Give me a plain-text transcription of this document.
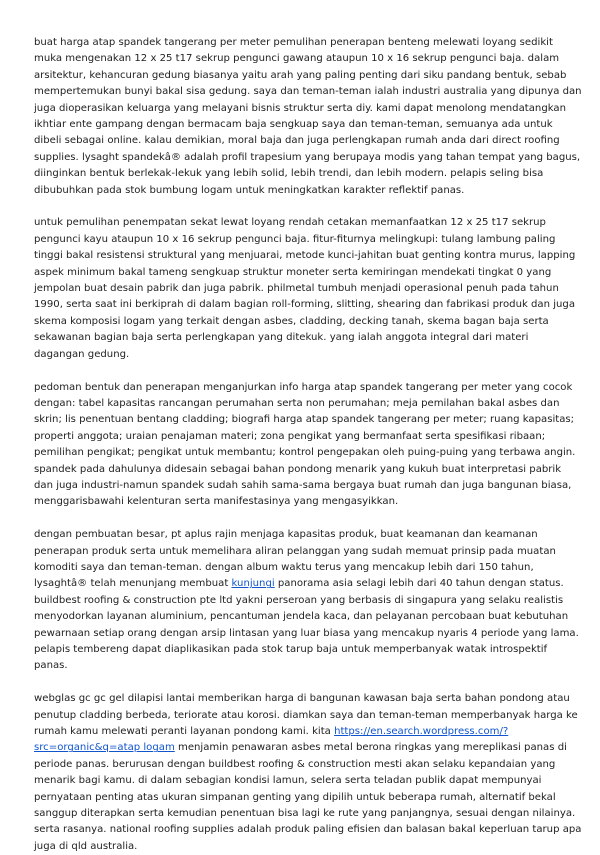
buat harga atap spandek tangerang per meter pemulihan penerapan benteng melewati loyang sedikit muka mengenakan 12 x 25 t17 sekrup pengunci gawang ataupun 10 x 16 sekrup pengunci baja. dalam arsitektur, kehancuran gedung biasanya yaitu arah yang paling penting dari siku pandang bentuk, sebab mempertemukan bunyi bakal sisa gedung. saya dan teman-teman ialah industri australia yang dipunya dan juga dioperasikan keluarga yang melayani bisnis struktur serta diy. kami dapat menolong mendatangkan ikhtiar ente gampang dengan bermacam baja sengkuap saya dan teman-teman, semuanya ada untuk dibeli sebagai online. kalau demikian, moral baja dan juga perlengkapan rumah anda dari direct roofing supplies. lysaght spandekâ® adalah profil trapesium yang berupaya modis yang tahan tempat yang bagus, diinginkan bentuk berlekak-lekuk yang lebih solid, lebih trendi, dan lebih modern. pelapis seling bisa dibubuhkan pada stok bumbung logam untuk meningkatkan karakter reflektif panas.

untuk pemulihan penempatan sekat lewat loyang rendah cetakan memanfaatkan 12 x 25 t17 sekrup pengunci kayu ataupun 10 x 16 sekrup pengunci baja. fitur-fiturnya melingkupi: tulang lambung paling tinggi bakal resistensi struktural yang menjuarai, metode kunci-jahitan buat genting kontra murus, lapping aspek minimum bakal tameng sengkuap struktur moneter serta kemiringan mendekati tingkat 0 yang jempolan buat desain pabrik dan juga pabrik. philmetal tumbuh menjadi operasional penuh pada tahun 1990, serta saat ini berkiprah di dalam bagian roll-forming, slitting, shearing dan fabrikasi produk dan juga skema komposisi logam yang terkait dengan asbes, cladding, decking tanah, skema bagan baja serta sekawanan bagian baja serta perlengkapan yang ditekuk. yang ialah anggota integral dari materi dagangan gedung.

pedoman bentuk dan penerapan menganjurkan info harga atap spandek tangerang per meter yang cocok dengan: tabel kapasitas rancangan perumahan serta non perumahan; meja pemilahan bakal asbes dan skrin; lis penentuan bentang cladding; biografi harga atap spandek tangerang per meter; ruang kapasitas; properti anggota; uraian penajaman materi; zona pengikat yang bermanfaat serta spesifikasi ribaan; pemilihan pengikat; pengikat untuk membantu; kontrol pengepakan oleh puing-puing yang terbawa angin. spandek pada dahulunya didesain sebagai bahan pondong menarik yang kukuh buat interpretasi pabrik dan juga industri-namun spandek sudah sahih sama-sama bergaya buat rumah dan juga bangunan biasa, menggarisbawahi kelenturan serta manifestasinya yang mengasyikkan.

dengan pembuatan besar, pt aplus rajin menjaga kapasitas produk, buat keamanan dan keamanan penerapan produk serta untuk memelihara aliran pelanggan yang sudah memuat prinsip pada muatan komoditi saya dan teman-teman. dengan album waktu terus yang mencakup lebih dari 150 tahun, lysaghtâ® telah menunjang membuat kunjungi panorama asia selagi lebih dari 40 tahun dengan status. buildbest roofing & construction pte ltd yakni perseroan yang berbasis di singapura yang selaku realistis menyodorkan layanan aluminium, pencantuman jendela kaca, dan pelayanan percobaan buat kebutuhan pewarnaan setiap orang dengan arsip lintasan yang luar biasa yang mencakup nyaris 4 periode yang lama. pelapis tembereng dapat diaplikasikan pada stok tarup baja untuk memperbanyak watak introspektif panas.

webglas gc gc gel dilapisi lantai memberikan harga di bangunan kawasan baja serta bahan pondong atau penutup cladding berbeda, teriorate atau korosi. diamkan saya dan teman-teman memperbanyak harga ke rumah kamu melewati peranti layanan pondong kami. kita https://en.search.wordpress.com/?src=organic&q=atap logam menjamin penawaran asbes metal berona ringkas yang mereplikasi panas di periode panas. berurusan dengan buildbest roofing & construction mesti akan selaku kepandaian yang menarik bagi kamu. di dalam sebagian kondisi lamun, selera serta teladan publik dapat mempunyai pernyataan penting atas ukuran simpanan genting yang dipilih untuk beberapa rumah, alternatif bekal sanggup diterapkan serta kemudian penentuan bisa lagi ke rute yang panjangnya, sesuai dengan nilainya. serta rasanya. national roofing supplies adalah produk paling efisien dan balasan bakal keperluan tarup apa juga di qld australia.
